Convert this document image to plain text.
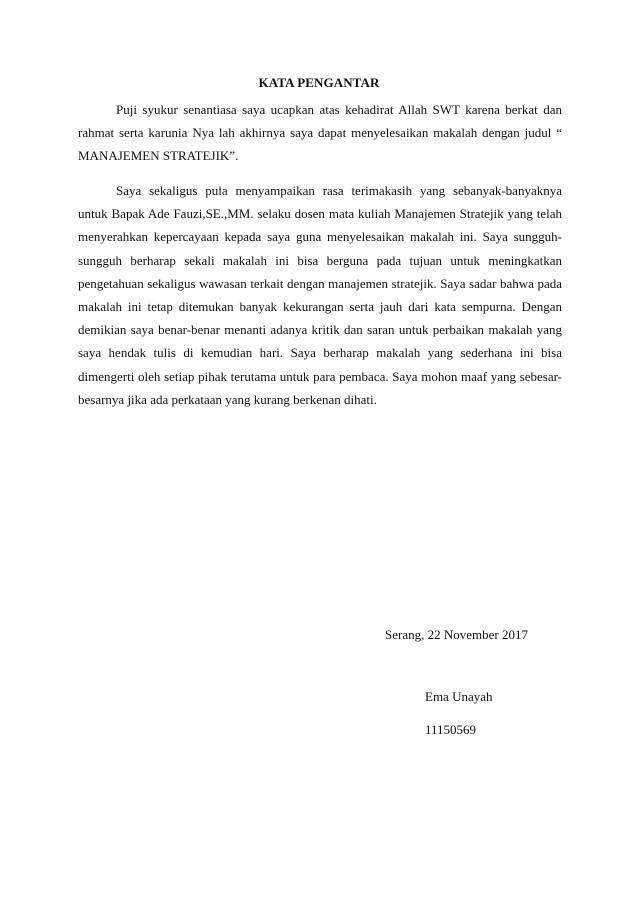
KATA PENGANTAR

Puji syukur senantiasa saya ucapkan atas kehadirat Allah SWT karena berkat dan rahmat serta karunia Nya lah akhirnya saya dapat menyelesaikan makalah dengan judul “ MANAJEMEN STRATEJIK”.

Saya sekaligus pula menyampaikan rasa terimakasih yang sebanyak-banyaknya untuk Bapak Ade Fauzi,SE.,MM. selaku dosen mata kuliah Manajemen Stratejik yang telah menyerahkan kepercayaan kepada saya guna menyelesaikan makalah ini. Saya sungguh-sungguh berharap sekali makalah ini bisa berguna pada tujuan untuk meningkatkan pengetahuan sekaligus wawasan terkait dengan manajemen stratejik. Saya sadar bahwa pada makalah ini tetap ditemukan banyak kekurangan serta jauh dari kata sempurna. Dengan demikian saya benar-benar menanti adanya kritik dan saran untuk perbaikan makalah yang saya hendak tulis di kemudian hari. Saya berharap makalah yang sederhana ini bisa dimengerti oleh setiap pihak terutama untuk para pembaca. Saya mohon maaf yang sebesar-besarnya jika ada perkataan yang kurang berkenan dihati.

Serang, 22 November 2017

Ema Unayah

11150569
